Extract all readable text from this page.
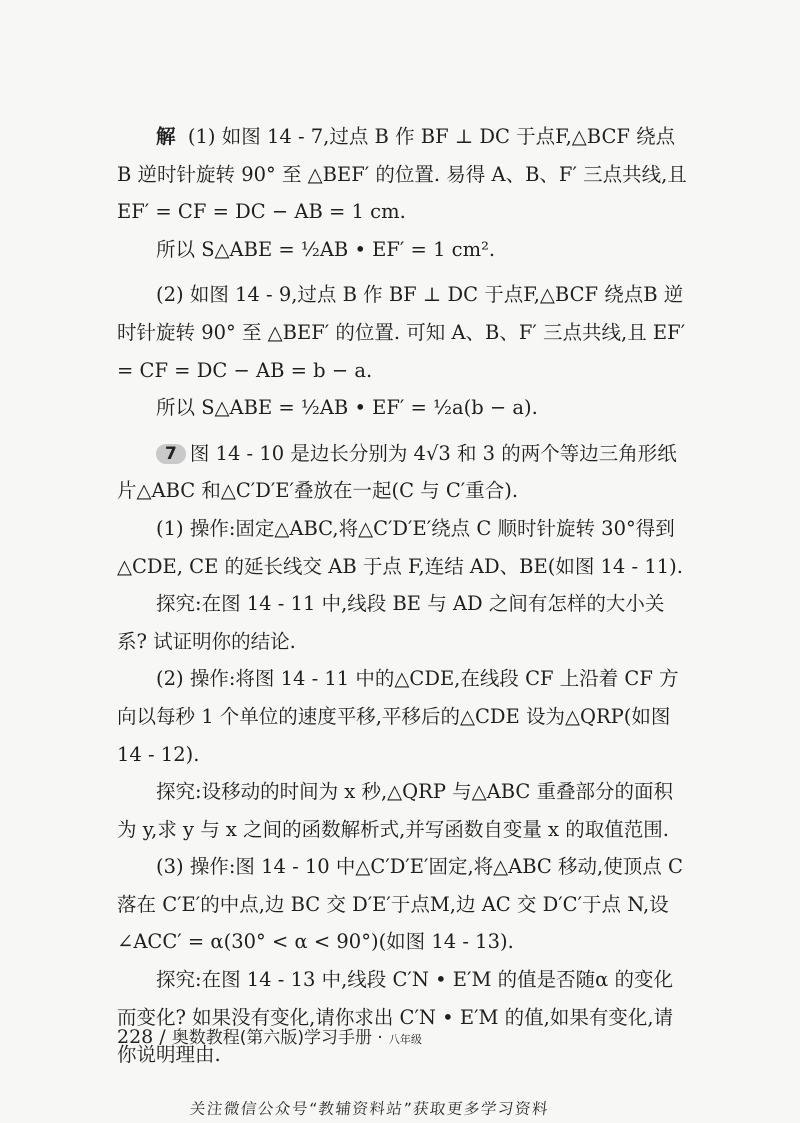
解 (1) 如图 14 - 7,过点 B 作 BF ⊥ DC 于点F,△BCF 绕点 B 逆时针旋转 90° 至 △BEF′ 的位置. 易得 A、B、F′ 三点共线,且 EF′ = CF = DC − AB = 1 cm.

所以 S△ABE = ½AB • EF′ = 1 cm².

(2) 如图 14 - 9,过点 B 作 BF ⊥ DC 于点F,△BCF 绕点B 逆时针旋转 90° 至 △BEF′ 的位置. 可知 A、B、F′ 三点共线,且 EF′ = CF = DC − AB = b − a.

所以 S△ABE = ½AB • EF′ = ½a(b − a).

7 图 14 - 10 是边长分别为 4√3 和 3 的两个等边三角形纸片△ABC 和△C′D′E′叠放在一起(C 与 C′重合).

(1) 操作:固定△ABC,将△C′D′E′绕点 C 顺时针旋转 30°得到△CDE, CE 的延长线交 AB 于点 F,连结 AD、BE(如图 14 - 11).

探究:在图 14 - 11 中,线段 BE 与 AD 之间有怎样的大小关系? 试证明你的结论.

(2) 操作:将图 14 - 11 中的△CDE,在线段 CF 上沿着 CF 方向以每秒 1 个单位的速度平移,平移后的△CDE 设为△QRP(如图 14 - 12).

探究:设移动的时间为 x 秒,△QRP 与△ABC 重叠部分的面积为 y,求 y 与 x 之间的函数解析式,并写函数自变量 x 的取值范围.

(3) 操作:图 14 - 10 中△C′D′E′固定,将△ABC 移动,使顶点 C 落在 C′E′的中点,边 BC 交 D′E′于点M,边 AC 交 D′C′于点 N,设 ∠ACC′ = α(30° < α < 90°)(如图 14 - 13).

探究:在图 14 - 13 中,线段 C′N • E′M 的值是否随α 的变化而变化? 如果没有变化,请你求出 C′N • E′M 的值,如果有变化,请你说明理由.

228 / 奥数教程(第六版)学习手册 · 八年级
关注微信公众号“教辅资料站”获取更多学习资料
